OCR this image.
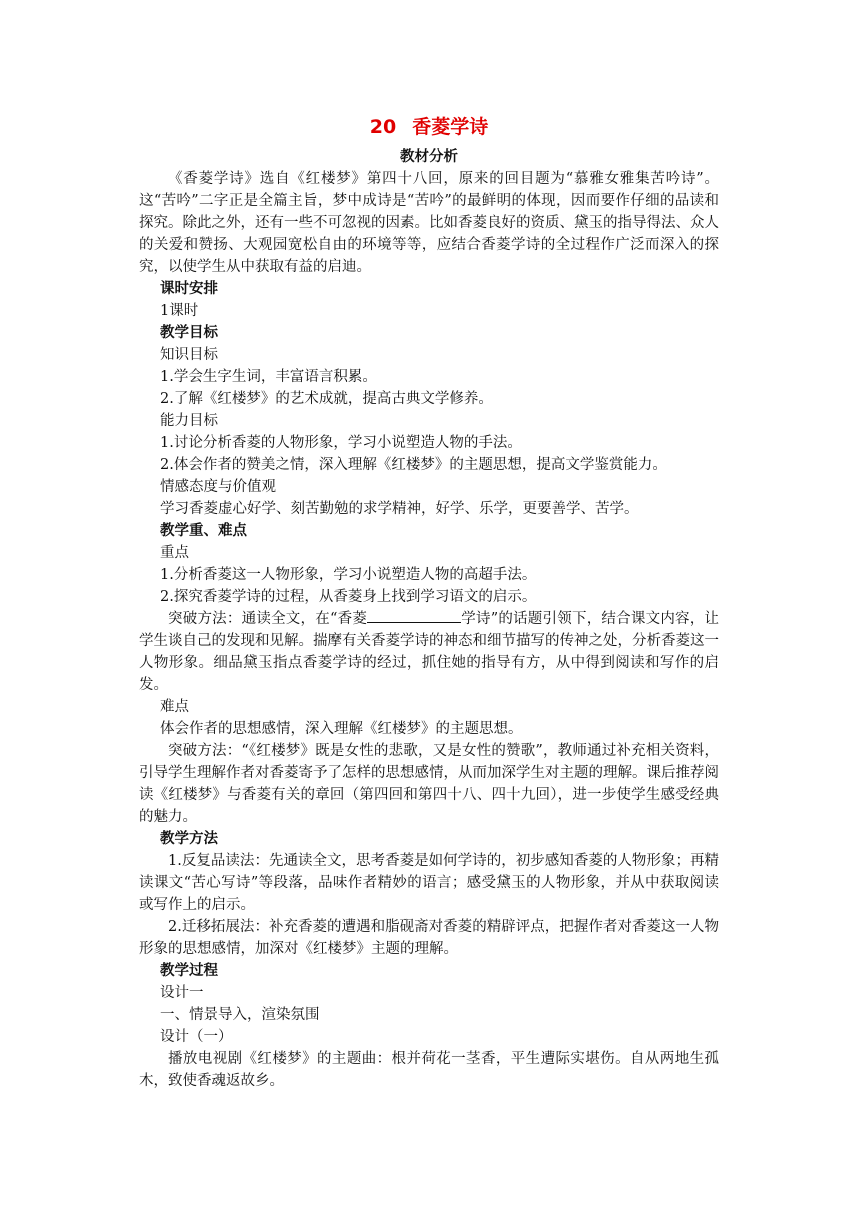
20 香菱学诗

教材分析

《香菱学诗》选自《红楼梦》第四十八回，原来的回目题为“慕雅女雅集苦吟诗”。这“苦吟”二字正是全篇主旨，梦中成诗是“苦吟”的最鲜明的体现，因而要作仔细的品读和探究。除此之外，还有一些不可忽视的因素。比如香菱良好的资质、黛玉的指导得法、众人的关爱和赞扬、大观园宽松自由的环境等等，应结合香菱学诗的全过程作广泛而深入的探究，以使学生从中获取有益的启迪。

课时安排

1课时

教学目标

知识目标

1.学会生字生词，丰富语言积累。

2.了解《红楼梦》的艺术成就，提高古典文学修养。

能力目标

1.讨论分析香菱的人物形象，学习小说塑造人物的手法。

2.体会作者的赞美之情，深入理解《红楼梦》的主题思想，提高文学鉴赏能力。

情感态度与价值观

学习香菱虚心好学、刻苦勤勉的求学精神，好学、乐学，更要善学、苦学。

教学重、难点

重点

1.分析香菱这一人物形象，学习小说塑造人物的高超手法。

2.探究香菱学诗的过程，从香菱身上找到学习语文的启示。

突破方法：通读全文，在“香菱	学诗”的话题引领下，结合课文内容，让学生谈自己的发现和见解。揣摩有关香菱学诗的神态和细节描写的传神之处，分析香菱这一人物形象。细品黛玉指点香菱学诗的经过，抓住她的指导有方，从中得到阅读和写作的启发。

难点

体会作者的思想感情，深入理解《红楼梦》的主题思想。

突破方法：“《红楼梦》既是女性的悲歌，又是女性的赞歌”，教师通过补充相关资料，引导学生理解作者对香菱寄予了怎样的思想感情，从而加深学生对主题的理解。课后推荐阅读《红楼梦》与香菱有关的章回（第四回和第四十八、四十九回），进一步使学生感受经典的魅力。

教学方法

1.反复品读法：先通读全文，思考香菱是如何学诗的，初步感知香菱的人物形象；再精读课文“苦心写诗”等段落，品味作者精妙的语言；感受黛玉的人物形象，并从中获取阅读或写作上的启示。

2.迁移拓展法：补充香菱的遭遇和脂砚斋对香菱的精辟评点，把握作者对香菱这一人物形象的思想感情，加深对《红楼梦》主题的理解。

教学过程

设计一

一、情景导入，渲染氛围

设计（一）

播放电视剧《红楼梦》的主题曲：根并荷花一茎香，平生遭际实堪伤。自从两地生孤木，致使香魂返故乡。
